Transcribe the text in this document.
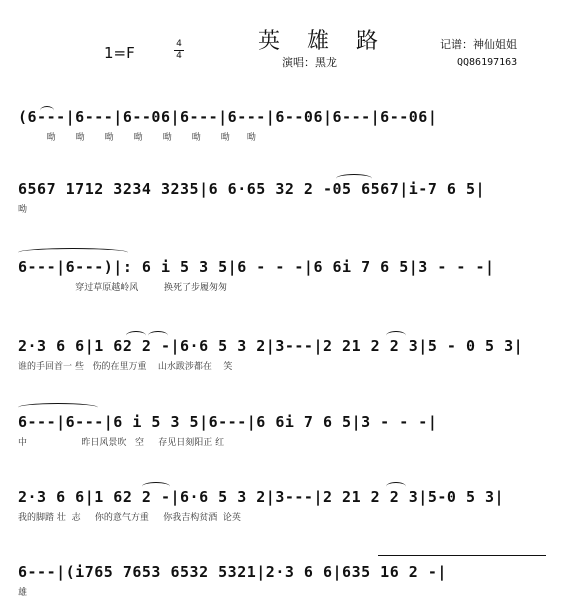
英 雄 路
1=F	4
4	演唱：黑龙
记谱：神仙姐姐
QQ86197163
(6---|6---|6--06|6---|6---|6--06|6---|6--06|
呦       呦       呦       呦       呦       呦       呦      呦
6567 1712 3234 3235|6 6·65 32 2 -05 6567|i-7 6 5|
呦
6---|6---)|: 6 i 5 3 5|6 - - -|6 6i 7 6 5|3 - - -|
穿过草原越岭风         换死了步履匆匆
2·3 6 6|1 62 2 -|6·6 5 3 2|3---|2 21 2 2 3|5 - 0 5 3|
谁的手回首一 些   伤的在里万重    山水跋涉都在    笑
6---|6---|6 i 5 3 5|6---|6 6i 7 6 5|3 - - -|
中                   昨日风景吹   空     存见日刻阳正 红
2·3 6 6|1 62 2 -|6·6 5 3 2|3---|2 21 2 2 3|5-0 5 3|
我的脚踏 壮  志     你的意气方重     你我吉构贫酒  论英
6---|(i765 7653 6532 5321|2·3 6 6|635 16 2 -|
雄
